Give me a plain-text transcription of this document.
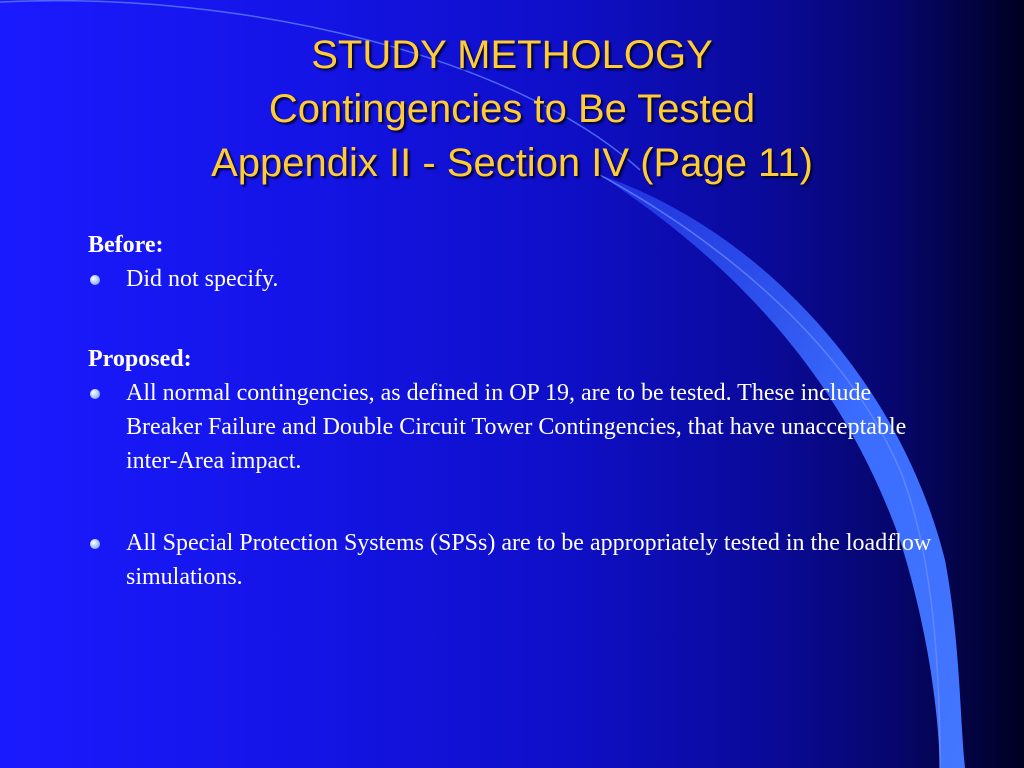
STUDY METHOLOGY
Contingencies to Be Tested
Appendix II - Section IV (Page 11)

Before:

Did not specify.

Proposed:

All normal contingencies, as defined in OP 19, are to be tested. These include Breaker Failure and Double Circuit Tower Contingencies, that have unacceptable inter-Area impact.

All Special Protection Systems (SPSs) are to be appropriately tested in the loadflow simulations.
